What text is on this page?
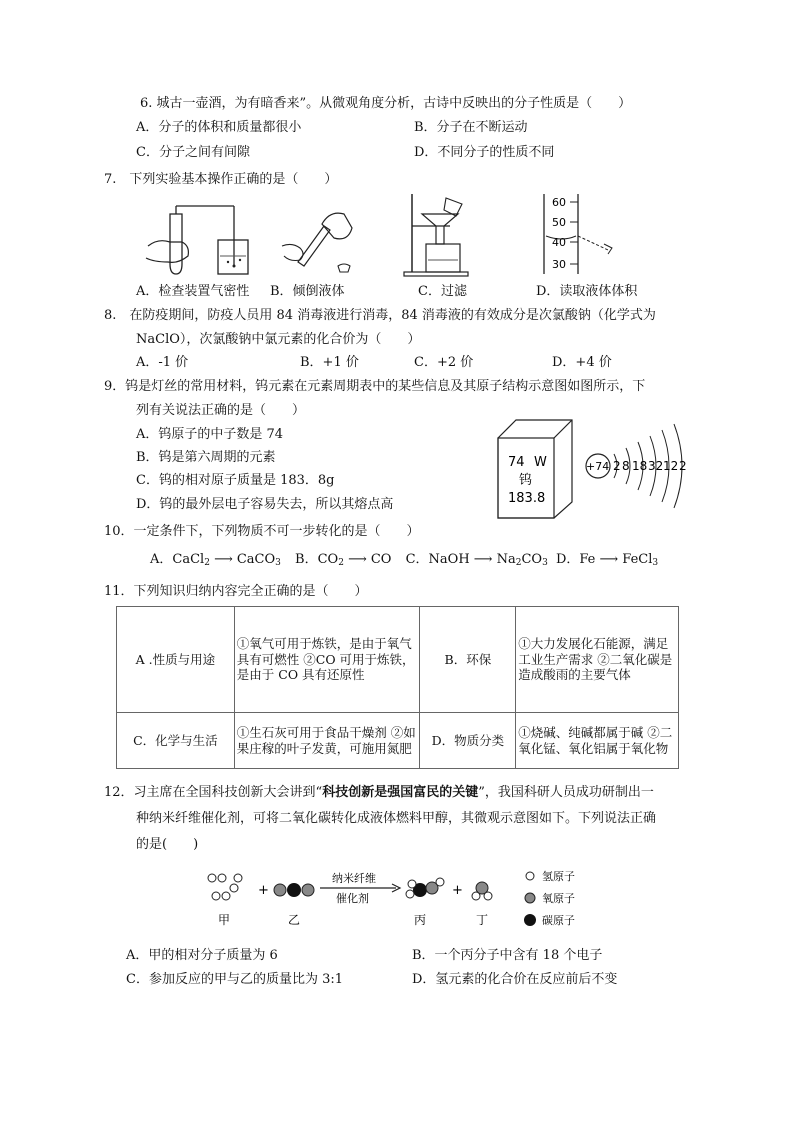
6. 城古一壶酒，为有暗香来”。从微观角度分析，古诗中反映出的分子性质是（　　）
A．分子的体积和质量都很小	B．分子在不断运动
C．分子之间有间隙	D．不同分子的性质不同
7.　下列实验基本操作正确的是（　　）
60
50
40
30
A．检查装置气密性 B．倾倒液体	C．过滤	D．读取液体体积
8.　在防疫期间，防疫人员用 84 消毒液进行消毒，84 消毒液的有效成分是次氯酸钠（化学式为
NaClO），次氯酸钠中氯元素的化合价为（　　）
A．-1 价	B．+1 价	C．+2 价	D．+4 价
9．钨是灯丝的常用材料，钨元素在元素周期表中的某些信息及其原子结构示意图如图所示，下
列有关说法正确的是（　　）
A．钨原子的中子数是 74
B．钨是第六周期的元素
C．钨的相对原子质量是 183．8g
D．钨的最外层电子容易失去，所以其熔点高
74 W
钨
183.8
+74 2 8 18 32 12 2
10．一定条件下，下列物质不可一步转化的是（　　）
A．CaCl$_2$ ⟶ CaCO$_3$ B．$CO_2$ ⟶ CO C．NaOH ⟶ $Na_2CO_3$ D．Fe ⟶ FeCl$_3$
11．下列知识归纳内容完全正确的是（　　）
A .性质与用途	①氧气可用于炼铁，是由于氧气具有可燃性 ②CO 可用于炼铁，是由于 CO 具有还原性	B．环保	①大力发展化石能源，满足工业生产需求 ②二氧化碳是造成酸雨的主要气体
C．化学与生活	①生石灰可用于食品干燥剂 ②如果庄稼的叶子发黄，可施用氮肥	D．物质分类	①烧碱、纯碱都属于碱 ②二氧化锰、氧化铝属于氧化物
12．习主席在全国科技创新大会讲到“科技创新是强国富民的关键”，我国科研人员成功研制出一
种纳米纤维催化剂，可将二氧化碳转化成液体燃料甲醇，其微观示意图如下。下列说法正确
的是(　　)
+
纳米纤维
催化剂
+
甲	乙	丙	丁
氢原子
氧原子
碳原子
A．甲的相对分子质量为 6	B．一个丙分子中含有 18 个电子
C．参加反应的甲与乙的质量比为 3:1	D．氢元素的化合价在反应前后不变
